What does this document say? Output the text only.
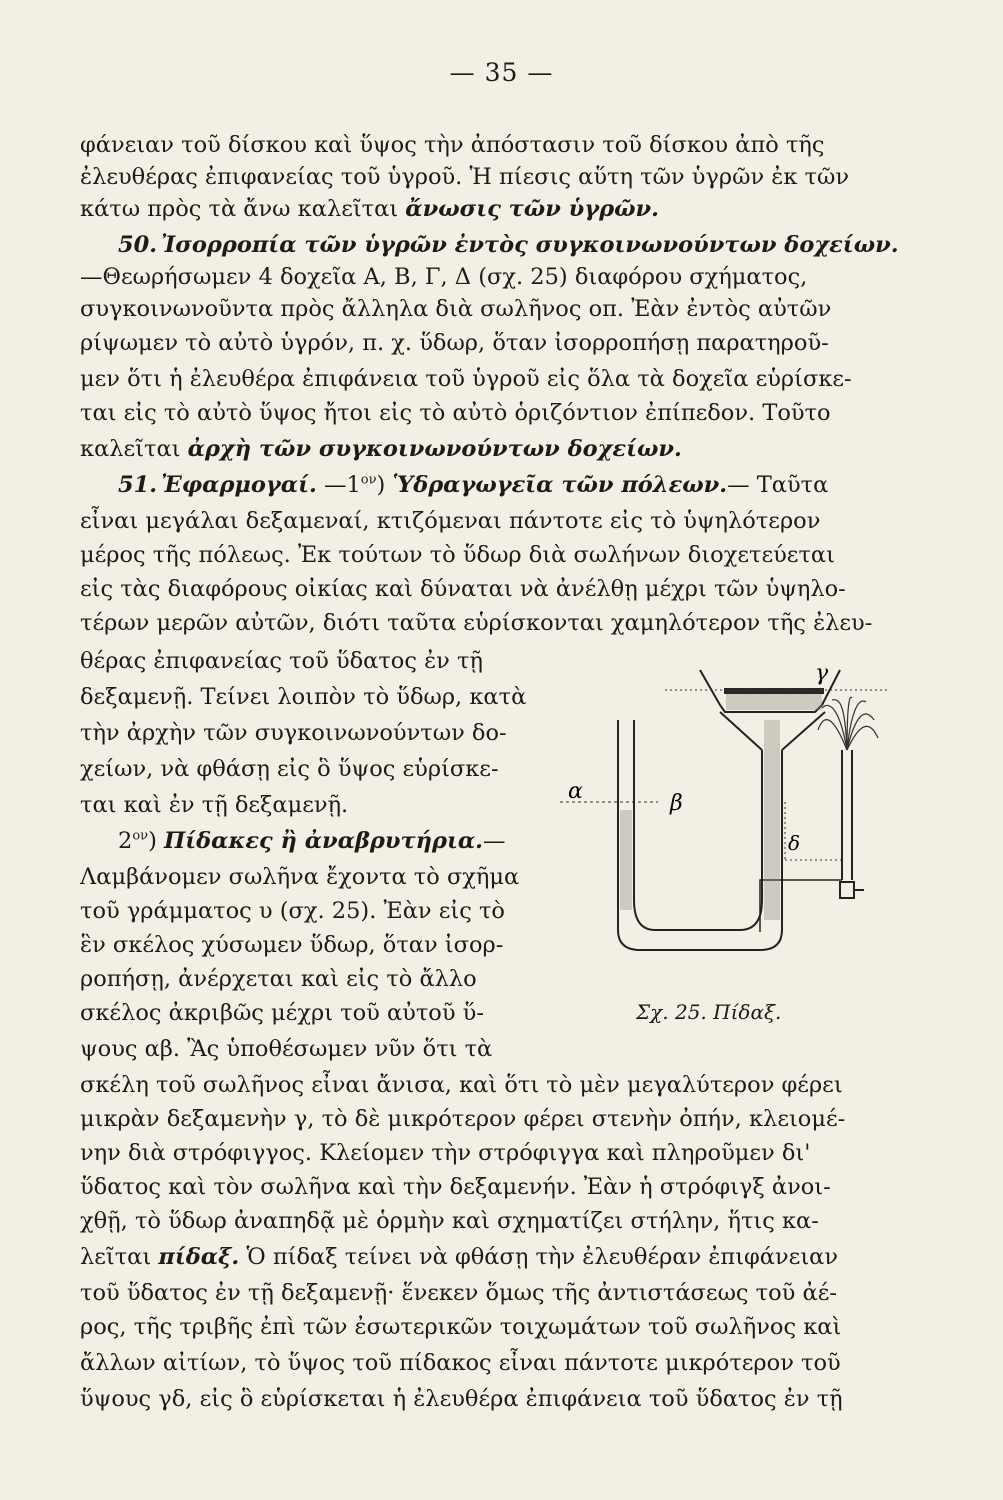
— 35 —
φάνειαν τοῦ δίσκου καὶ ὕψος τὴν ἀπόστασιν τοῦ δίσκου ἀπὸ τῆς
ἐλευθέρας ἐπιφανείας τοῦ ὑγροῦ. Ἡ πίεσις αὕτη τῶν ὑγρῶν ἐκ τῶν
κάτω πρὸς τὰ ἄνω καλεῖται ἄνωσις τῶν ὑγρῶν.
50. Ἰσορροπία τῶν ὑγρῶν ἐντὸς συγκοινωνούντων δοχείων.
—Θεωρήσωμεν 4 δοχεῖα Α, Β, Γ, Δ (σχ. 25) διαφόρου σχήματος,
συγκοινωνοῦντα πρὸς ἄλληλα διὰ σωλῆνος οπ. Ἐὰν ἐντὸς αὐτῶν
ρίψωμεν τὸ αὐτὸ ὑγρόν, π. χ. ὕδωρ, ὅταν ἰσορροπήσῃ παρατηροῦ-
μεν ὅτι ἡ ἐλευθέρα ἐπιφάνεια τοῦ ὑγροῦ εἰς ὅλα τὰ δοχεῖα εὑρίσκε-
ται εἰς τὸ αὐτὸ ὕψος ἤτοι εἰς τὸ αὐτὸ ὁριζόντιον ἐπίπεδον. Τοῦτο
καλεῖται ἀρχὴ τῶν συγκοινωνούντων δοχείων.
51. Ἐφαρμογαί. $—1^{o\nu}$) Ὑδραγωγεῖα τῶν πόλεων.— Ταῦτα
εἶναι μεγάλαι δεξαμεναί, κτιζόμεναι πάντοτε εἰς τὸ ὑψηλότερον
μέρος τῆς πόλεως. Ἐκ τούτων τὸ ὕδωρ διὰ σωλήνων διοχετεύεται
εἰς τὰς διαφόρους οἰκίας καὶ δύναται νὰ ἀνέλθῃ μέχρι τῶν ὑψηλο-
τέρων μερῶν αὐτῶν, διότι ταῦτα εὑρίσκονται χαμηλότερον τῆς ἐλευ-
θέρας ἐπιφανείας τοῦ ὕδατος ἐν τῇ
δεξαμενῇ. Τείνει λοιπὸν τὸ ὕδωρ, κατὰ
τὴν ἀρχὴν τῶν συγκοινωνούντων δο-
χείων, νὰ φθάσῃ εἰς ὃ ὕψος εὑρίσκε-
ται καὶ ἐν τῇ δεξαμενῇ.
$2^{o\nu}$) Πίδακες ἢ ἀναβρυτήρια.—
Λαμβάνομεν σωλῆνα ἔχοντα τὸ σχῆμα
τοῦ γράμματος υ (σχ. 25). Ἐὰν εἰς τὸ
ἓν σκέλος χύσωμεν ὕδωρ, ὅταν ἰσορ-
ροπήσῃ, ἀνέρχεται καὶ εἰς τὸ ἄλλο
σκέλος ἀκριβῶς μέχρι τοῦ αὐτοῦ ὕ-
ψους αβ. Ἂς ὑποθέσωμεν νῦν ὅτι τὰ
σκέλη τοῦ σωλῆνος εἶναι ἄνισα, καὶ ὅτι τὸ μὲν μεγαλύτερον φέρει
μικρὰν δεξαμενὴν γ, τὸ δὲ μικρότερον φέρει στενὴν ὀπήν, κλειομέ-
νην διὰ στρόφιγγος. Κλείομεν τὴν στρόφιγγα καὶ πληροῦμεν δι'
ὕδατος καὶ τὸν σωλῆνα καὶ τὴν δεξαμενήν. Ἐὰν ἡ στρόφιγξ ἀνοι-
χθῇ, τὸ ὕδωρ ἀναπηδᾷ μὲ ὁρμὴν καὶ σχηματίζει στήλην, ἥτις κα-
λεῖται πίδαξ. Ὁ πίδαξ τείνει νὰ φθάσῃ τὴν ἐλευθέραν ἐπιφάνειαν
τοῦ ὕδατος ἐν τῇ δεξαμενῇ· ἕνεκεν ὅμως τῆς ἀντιστάσεως τοῦ ἀέ-
ρος, τῆς τριβῆς ἐπὶ τῶν ἐσωτερικῶν τοιχωμάτων τοῦ σωλῆνος καὶ
ἄλλων αἰτίων, τὸ ὕψος τοῦ πίδακος εἶναι πάντοτε μικρότερον τοῦ
ὕψους γδ, εἰς ὃ εὑρίσκεται ἡ ἐλευθέρα ἐπιφάνεια τοῦ ὕδατος ἐν τῇ
α	β
γ
δ
Σχ. 25. Πίδαξ.
